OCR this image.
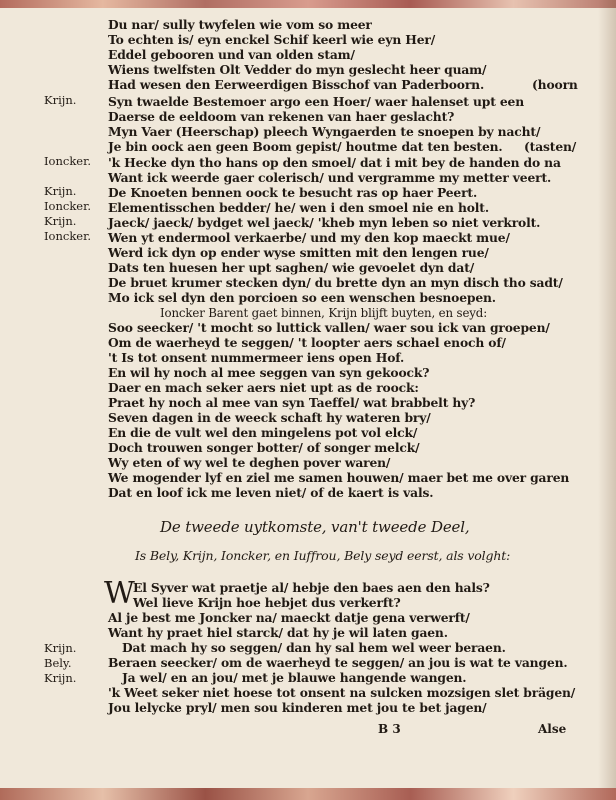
Du nar/ sully twyfelen wie vom so meer
To echten is/ eyn enckel Schif keerl wie eyn Her/
Eddel gebooren und van olden stam/
Wiens twelfsten Olt Vedder do myn geslecht heer quam/
Had wesen den Eerweerdigen Bisschof van Paderboorn.	(hoorn
Syn twaelde Bestemoer argo een Hoer/ waer halenset upt een
Daerse de eeldoom van rekenen van haer geslacht?
Myn Vaer (Heerschap) pleech Wyngaerden te snoepen by nacht/
Je bin oock aen geen Boom gepist/ houtme dat ten besten. (tasten/
'k Hecke dyn tho hans op den smoel/ dat i mit bey de handen do na
Want ick weerde gaer colerisch/ und vergramme my metter veert.
De Knoeten bennen oock te besucht ras op haer Peert.
Elementisschen bedder/ he/ wen i den smoel nie en holt.
Jaeck/ jaeck/ bydget wel jaeck/ 'kheb myn leben so niet verkrolt.
Wen yt endermool verkaerbe/ und my den kop maeckt mue/
Werd ick dyn op ender wyse smitten mit den lengen rue/
Dats ten huesen her upt saghen/ wie gevoelet dyn dat/
De bruet krumer stecken dyn/ du brette dyn an myn disch tho sadt/
Mo ick sel dyn den porcioen so een wenschen besnoepen.
Ioncker Barent gaet binnen, Krijn blijft buyten, en seyd:
Soo seecker/ 't mocht so luttick vallen/ waer sou ick van groepen/
Om de waerheyd te seggen/ 't loopter aers schael enoch of/
't Is tot onsent nummermeer iens open Hof.
En wil hy noch al mee seggen van syn gekoock?
Daer en mach seker aers niet upt as de roock:
Praet hy noch al mee van syn Taeffel/ wat brabbelt hy?
Seven dagen in de weeck schaft hy wateren bry/
En die de vult wel den mingelens pot vol elck/
Doch trouwen songer botter/ of songer melck/
Wy eten of wy wel te deghen pover waren/
We mogender lyf en ziel me samen houwen/ maer bet me over garen
Dat en loof ick me leven niet/ of de kaert is vals.
De tweede uytkomste, van't tweede Deel,
Is Bely, Krijn, Ioncker, en Iuffrou, Bely seyd eerst, als volght:
W
El Syver wat praetje al/ hebje den baes aen den hals?
Wel lieve Krijn hoe hebjet dus verkerft?
Al je best me Joncker na/ maeckt datje gena verwerft/
Want hy praet hiel starck/ dat hy je wil laten gaen.
Dat mach hy so seggen/ dan hy sal hem wel weer beraen.
Beraen seecker/ om de waerheyd te seggen/ an jou is wat te vangen.
Ja wel/ en an jou/ met je blauwe hangende wangen.
'k Weet seker niet hoese tot onsent na sulcken mozsigen slet brägen/
Jou lelycke pryl/ men sou kinderen met jou te bet jagen/
Krijn.
Ioncker.
Krijn.
Ioncker.
Krijn.
Ioncker.
Krijn.
Bely.
Krijn.
B 3	Alse
